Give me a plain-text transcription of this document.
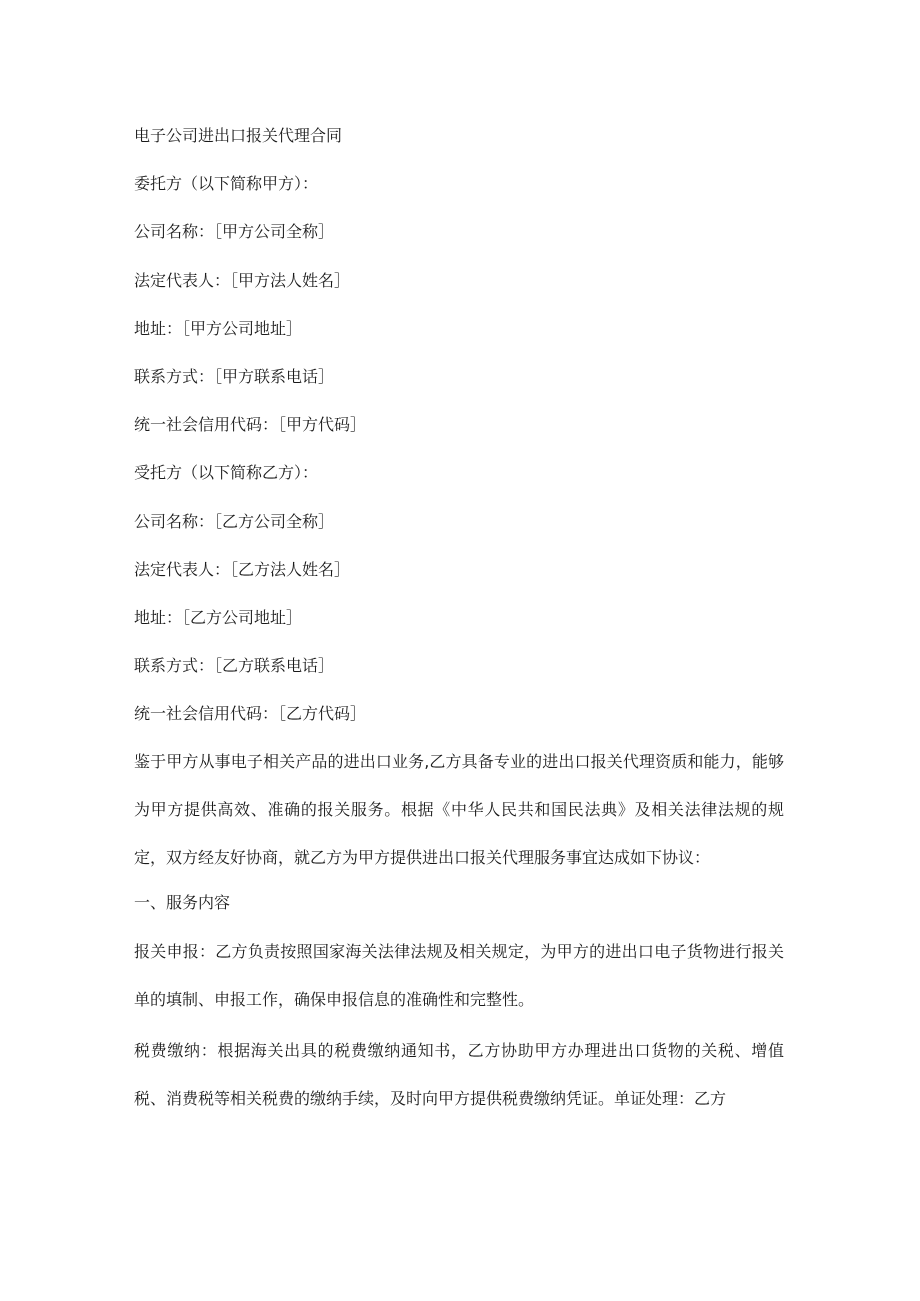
电子公司进出口报关代理合同

委托方（以下简称甲方）：

公司名称：［甲方公司全称］

法定代表人：［甲方法人姓名］

地址：［甲方公司地址］

联系方式：［甲方联系电话］

统一社会信用代码：［甲方代码］

受托方（以下简称乙方）：

公司名称：［乙方公司全称］

法定代表人：［乙方法人姓名］

地址：［乙方公司地址］

联系方式：［乙方联系电话］

统一社会信用代码：［乙方代码］

鉴于甲方从事电子相关产品的进出口业务,乙方具备专业的进出口报关代理资质和能力，能够为甲方提供高效、准确的报关服务。根据《中华人民共和国民法典》及相关法律法规的规定，双方经友好协商，就乙方为甲方提供进出口报关代理服务事宜达成如下协议：

一、服务内容

报关申报：乙方负责按照国家海关法律法规及相关规定，为甲方的进出口电子货物进行报关单的填制、申报工作，确保申报信息的准确性和完整性。

税费缴纳：根据海关出具的税费缴纳通知书，乙方协助甲方办理进出口货物的关税、增值税、消费税等相关税费的缴纳手续，及时向甲方提供税费缴纳凭证。单证处理：乙方
